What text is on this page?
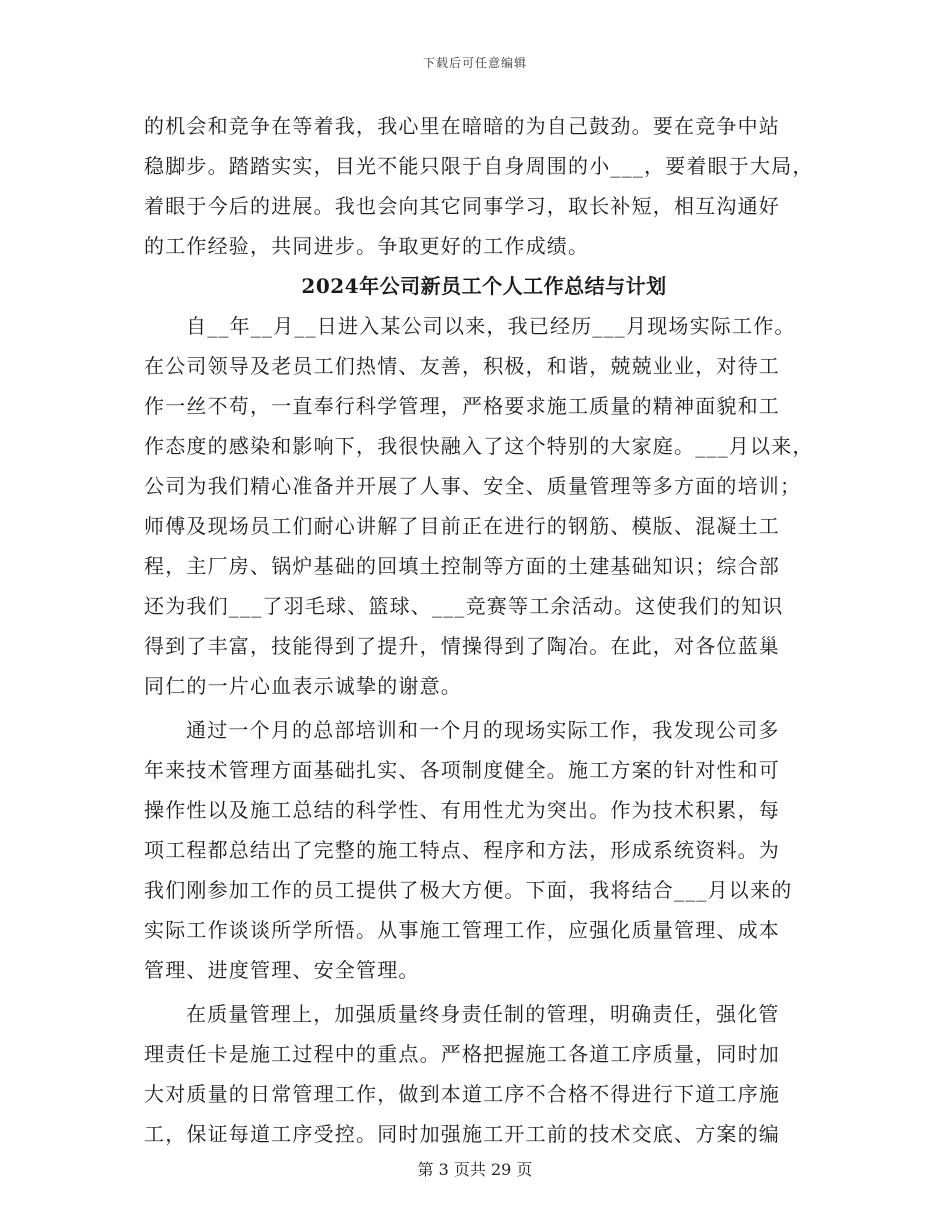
下载后可任意编辑
的机会和竞争在等着我，我心里在暗暗的为自己鼓劲。要在竞争中站
稳脚步。踏踏实实，目光不能只限于自身周围的小___，要着眼于大局，
着眼于今后的进展。我也会向其它同事学习，取长补短，相互沟通好
的工作经验，共同进步。争取更好的工作成绩。
2024年公司新员工个人工作总结与计划
自__年__月__日进入某公司以来，我已经历___月现场实际工作。
在公司领导及老员工们热情、友善，积极，和谐，兢兢业业，对待工
作一丝不苟，一直奉行科学管理，严格要求施工质量的精神面貌和工
作态度的感染和影响下，我很快融入了这个特别的大家庭。___月以来，
公司为我们精心准备并开展了人事、安全、质量管理等多方面的培训；
师傅及现场员工们耐心讲解了目前正在进行的钢筋、模版、混凝土工
程，主厂房、锅炉基础的回填土控制等方面的土建基础知识；综合部
还为我们___了羽毛球、篮球、___竞赛等工余活动。这使我们的知识
得到了丰富，技能得到了提升，情操得到了陶冶。在此，对各位蓝巢
同仁的一片心血表示诚挚的谢意。
通过一个月的总部培训和一个月的现场实际工作，我发现公司多
年来技术管理方面基础扎实、各项制度健全。施工方案的针对性和可
操作性以及施工总结的科学性、有用性尤为突出。作为技术积累，每
项工程都总结出了完整的施工特点、程序和方法，形成系统资料。为
我们刚参加工作的员工提供了极大方便。下面，我将结合___月以来的
实际工作谈谈所学所悟。从事施工管理工作，应强化质量管理、成本
管理、进度管理、安全管理。
在质量管理上，加强质量终身责任制的管理，明确责任，强化管
理责任卡是施工过程中的重点。严格把握施工各道工序质量，同时加
大对质量的日常管理工作，做到本道工序不合格不得进行下道工序施
工，保证每道工序受控。同时加强施工开工前的技术交底、方案的编
第 3 页共 29 页
